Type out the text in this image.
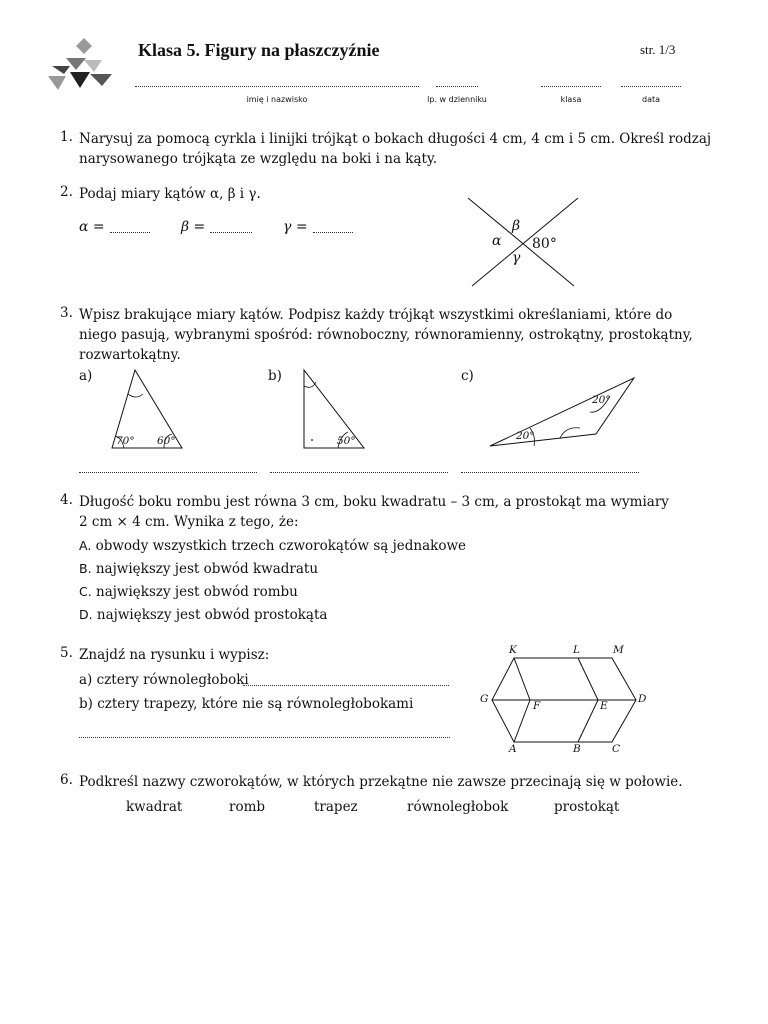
Klasa 5. Figury na płaszczyźnie	str. 1/3
imię i nazwisko	lp. w dzienniku	klasa	data
1. Narysuj za pomocą cyrkla i linijki trójkąt o bokach długości 4 cm, 4 cm i 5 cm. Określ rodzaj
narysowanego trójkąta ze względu na boki i na kąty.
2. Podaj miary kątów α, β i γ.
α =	β =	γ =
α
β
γ
80°
3. Wpisz brakujące miary kątów. Podpisz każdy trójkąt wszystkimi określaniami, które do
niego pasują, wybranymi spośród: równoboczny, równoramienny, ostrokątny, prostokątny,
rozwartokątny.
a)
70° 60°
b)
50°
c)
20°
20°
4. Długość boku rombu jest równa 3 cm, boku kwadratu – 3 cm, a prostokąt ma wymiary
2 cm × 4 cm. Wynika z tego, że:
A. obwody wszystkich trzech czworokątów są jednakowe
B. największy jest obwód kwadratu
C. największy jest obwód rombu
D. największy jest obwód prostokąta
5. Znajdź na rysunku i wypisz:
a) cztery równoległoboki
b) cztery trapezy, które nie są równoległobokami
K	L	M
G
F	E
D
A	B	C
6. Podkreśl nazwy czworokątów, w których przekątne nie zawsze przecinają się w połowie.
kwadrat	romb	trapez	równoległobok	prostokąt
